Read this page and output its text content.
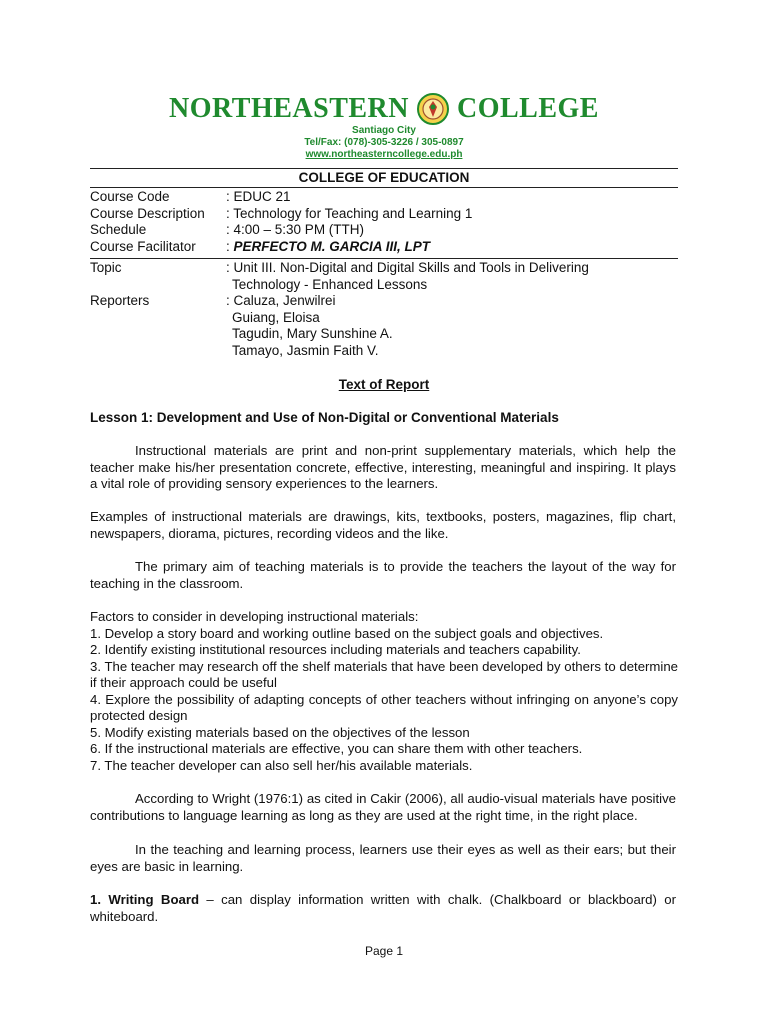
NORTHEASTERN COLLEGE
Santiago City
Tel/Fax: (078)-305-3226 / 305-0897
www.northeasterncollege.edu.ph
COLLEGE OF EDUCATION
Course Code	: EDUC 21
Course Description	: Technology for Teaching and Learning 1
Schedule	: 4:00 – 5:30 PM (TTH)
Course Facilitator	: PERFECTO M. GARCIA III, LPT
Topic	: Unit III. Non-Digital and Digital Skills and Tools in Delivering
Technology - Enhanced Lessons
Reporters	: Caluza, Jenwilrei
Guiang, Eloisa
Tagudin, Mary Sunshine A.
Tamayo, Jasmin Faith V.
Text of Report
Lesson 1: Development and Use of Non-Digital or Conventional Materials

Instructional materials are print and non-print supplementary materials, which help the teacher make his/her presentation concrete, effective, interesting, meaningful and inspiring. It plays a vital role of providing sensory experiences to the learners.

Examples of instructional materials are drawings, kits, textbooks, posters, magazines, flip chart, newspapers, diorama, pictures, recording videos and the like.

The primary aim of teaching materials is to provide the teachers the layout of the way for teaching in the classroom.

Factors to consider in developing instructional materials:
1. Develop a story board and working outline based on the subject goals and objectives.
2. Identify existing institutional resources including materials and teachers capability.
3. The teacher may research off the shelf materials that have been developed by others to determine if their approach could be useful
4. Explore the possibility of adapting concepts of other teachers without infringing on anyone’s copy protected design
5. Modify existing materials based on the objectives of the lesson
6. If the instructional materials are effective, you can share them with other teachers.
7. The teacher developer can also sell her/his available materials.

According to Wright (1976:1) as cited in Cakir (2006), all audio-visual materials have positive contributions to language learning as long as they are used at the right time, in the right place.

In the teaching and learning process, learners use their eyes as well as their ears; but their eyes are basic in learning.

1. Writing Board – can display information written with chalk. (Chalkboard or blackboard) or whiteboard.

Page 1
